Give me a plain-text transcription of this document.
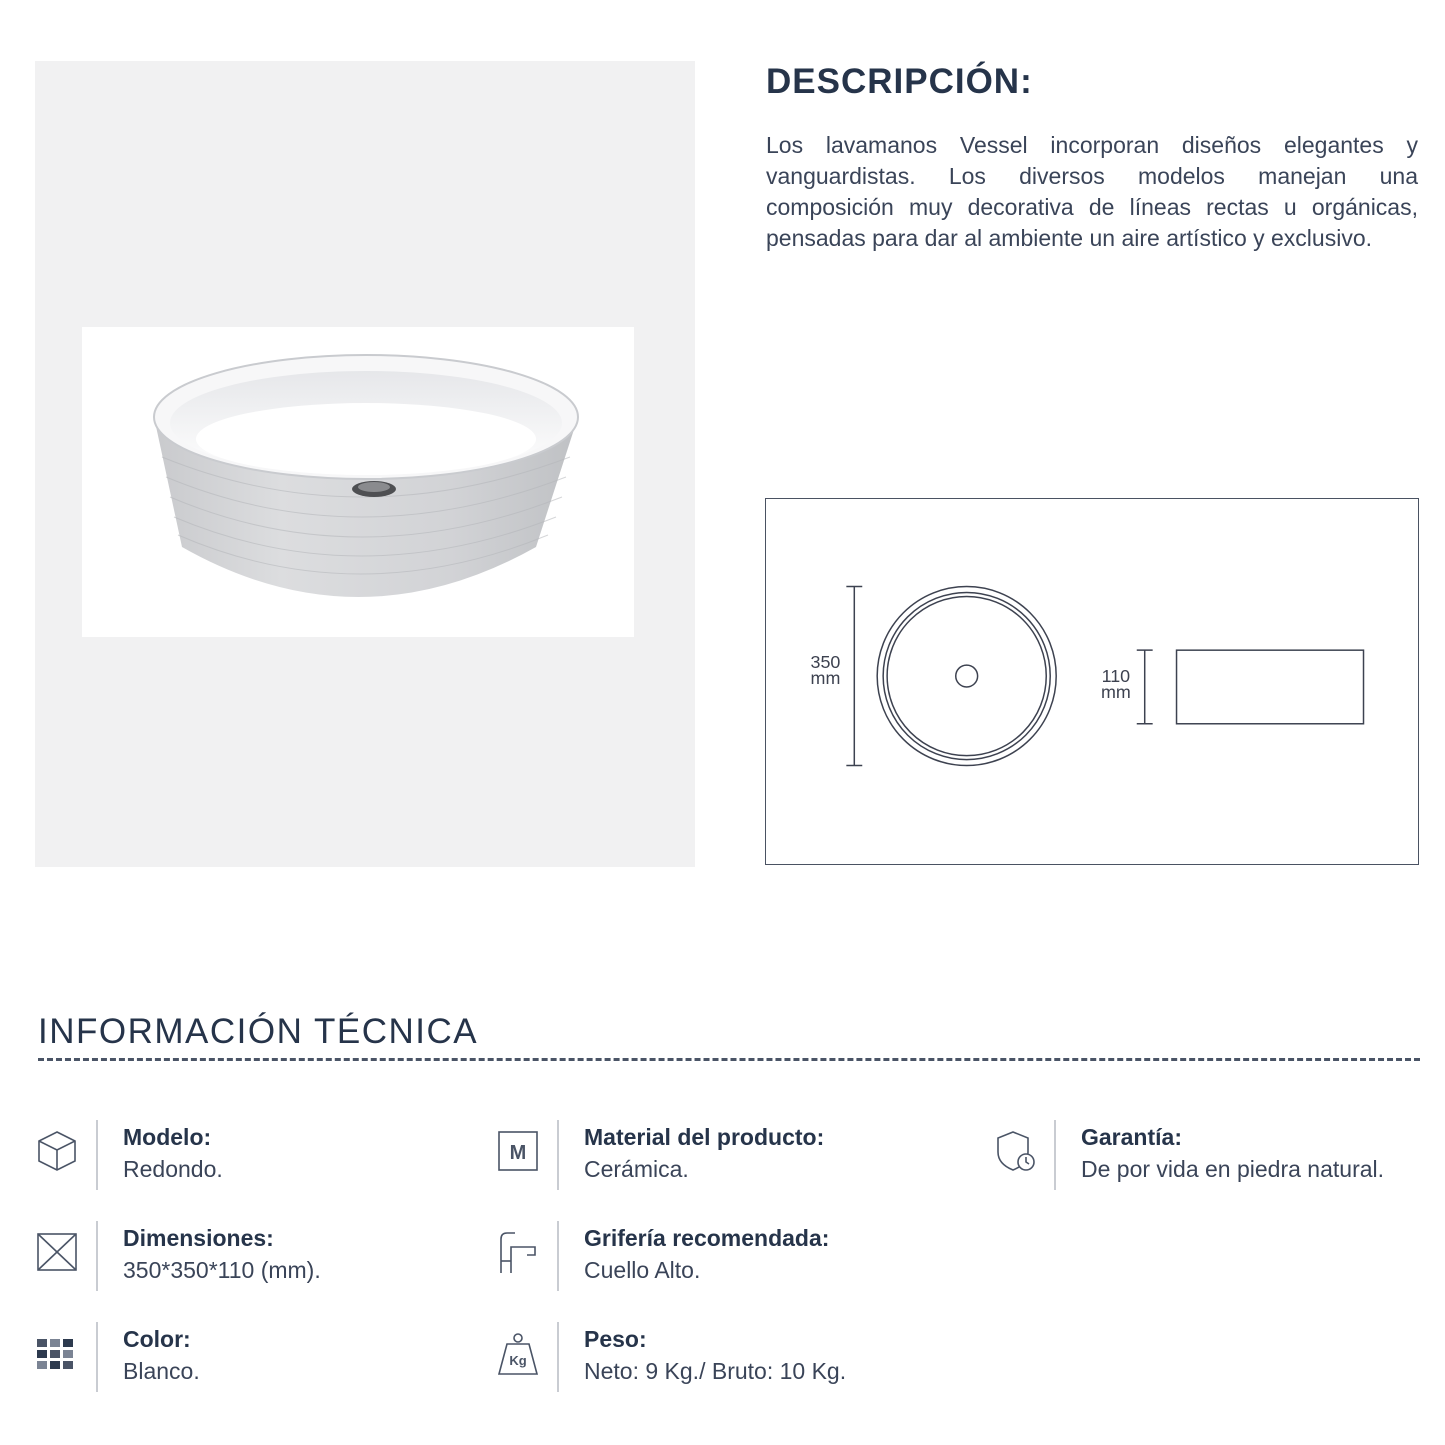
DESCRIPCIÓN:

Los lavamanos Vessel incorporan diseños elegantes y vanguardistas. Los diversos modelos manejan una composición muy decorativa de líneas rectas u orgánicas, pensadas para dar al ambiente un aire artístico y exclusivo.

350
mm	110
mm
INFORMACIÓN TÉCNICA
Modelo:
Redondo.
M
Material del producto:
Cerámica.
Garantía:
De por vida en piedra natural.
Dimensiones:
350*350*110 (mm).
Grifería recomendada:
Cuello Alto.
Color:
Blanco.	Kg
Peso:
Neto: 9 Kg./ Bruto: 10 Kg.
